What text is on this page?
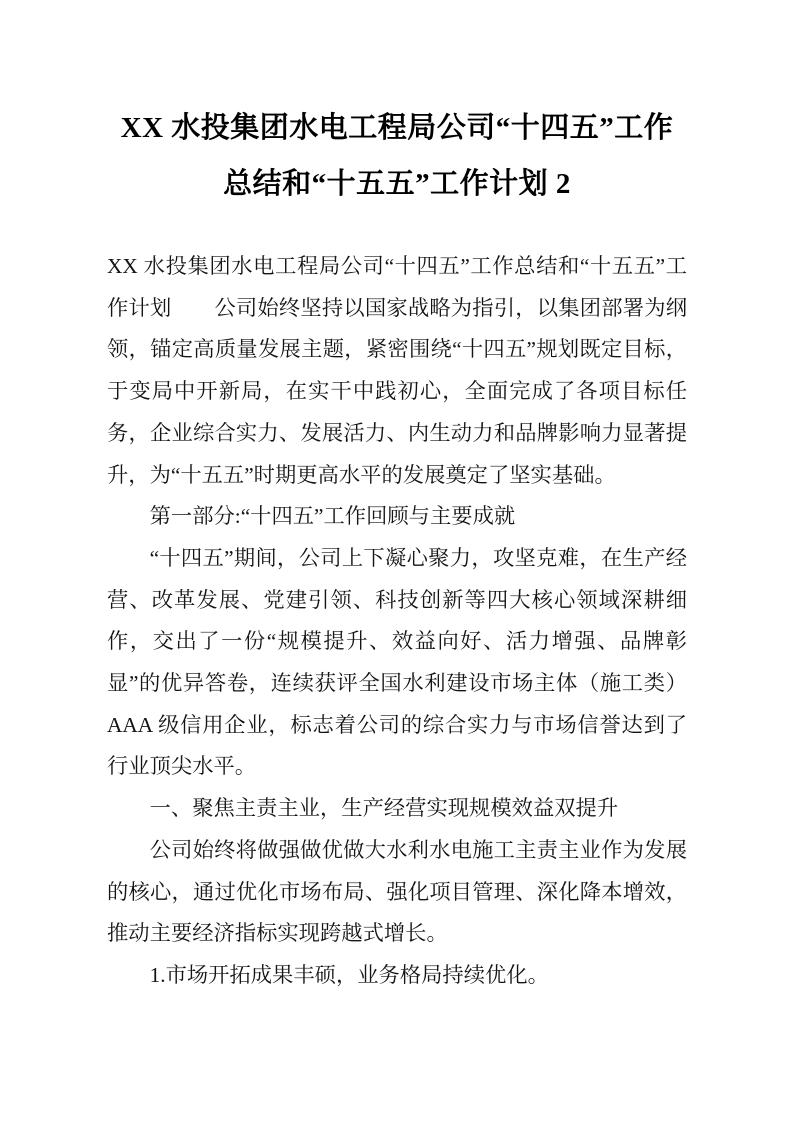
XX 水投集团水电工程局公司“十四五”工作总结和“十五五”工作计划 2

XX 水投集团水电工程局公司“十四五”工作总结和“十五五”工作计划　　公司始终坚持以国家战略为指引，以集团部署为纲领，锚定高质量发展主题，紧密围绕“十四五”规划既定目标，于变局中开新局，在实干中践初心，全面完成了各项目标任务，企业综合实力、发展活力、内生动力和品牌影响力显著提升，为“十五五”时期更高水平的发展奠定了坚实基础。

第一部分:“十四五”工作回顾与主要成就

“十四五”期间，公司上下凝心聚力，攻坚克难，在生产经营、改革发展、党建引领、科技创新等四大核心领域深耕细作，交出了一份“规模提升、效益向好、活力增强、品牌彰显”的优异答卷，连续获评全国水利建设市场主体（施工类）AAA 级信用企业，标志着公司的综合实力与市场信誉达到了行业顶尖水平。

一、聚焦主责主业，生产经营实现规模效益双提升

公司始终将做强做优做大水利水电施工主责主业作为发展的核心，通过优化市场布局、强化项目管理、深化降本增效，推动主要经济指标实现跨越式增长。

1.市场开拓成果丰硕，业务格局持续优化。
